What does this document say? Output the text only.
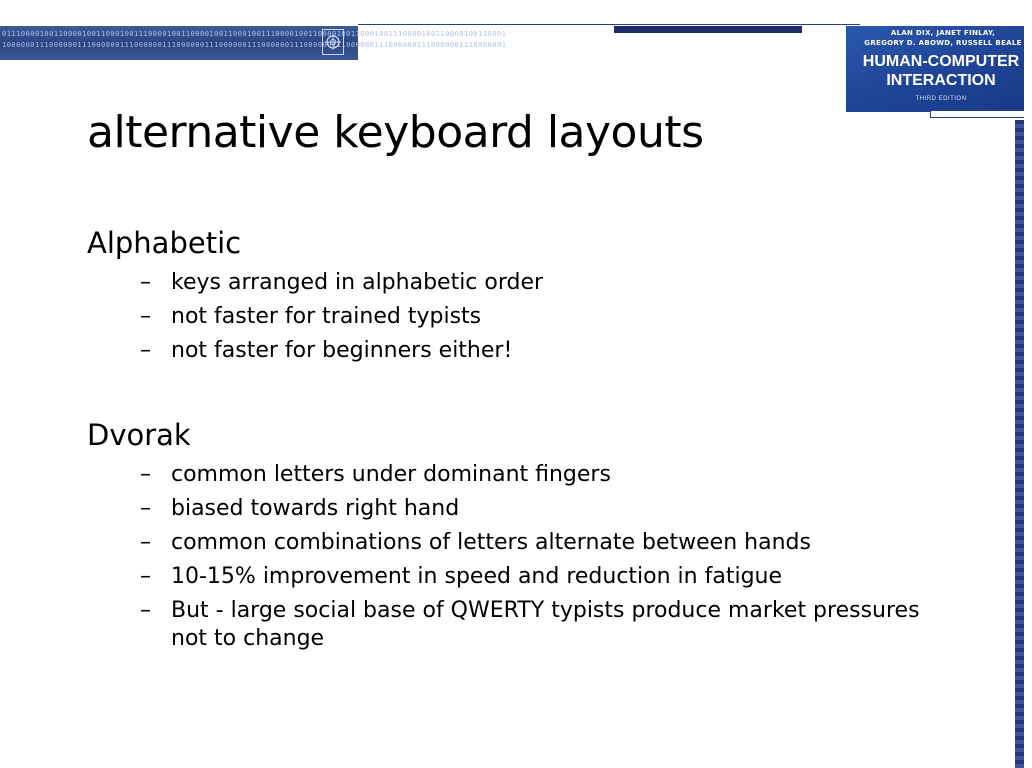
01110000100110000100110001001110000100110000100110001001110000100110000100110001001110000100110000100110001
10000001110000001110000001110000001110000001110000001110000001110000001110000001110000001110000001110000001
ALAN DIX, JANET FINLAY,
GREGORY D. ABOWD, RUSSELL BEALE
HUMAN-COMPUTER
INTERACTION
THIRD EDITION
alternative keyboard layouts
Alphabetic
– keys arranged in alphabetic order
– not faster for trained typists
– not faster for beginners either!
Dvorak
– common letters under dominant fingers
– biased towards right hand
– common combinations of letters alternate between hands
– 10-15% improvement in speed and reduction in fatigue
– But - large social base of QWERTY typists produce market pressures not to change
